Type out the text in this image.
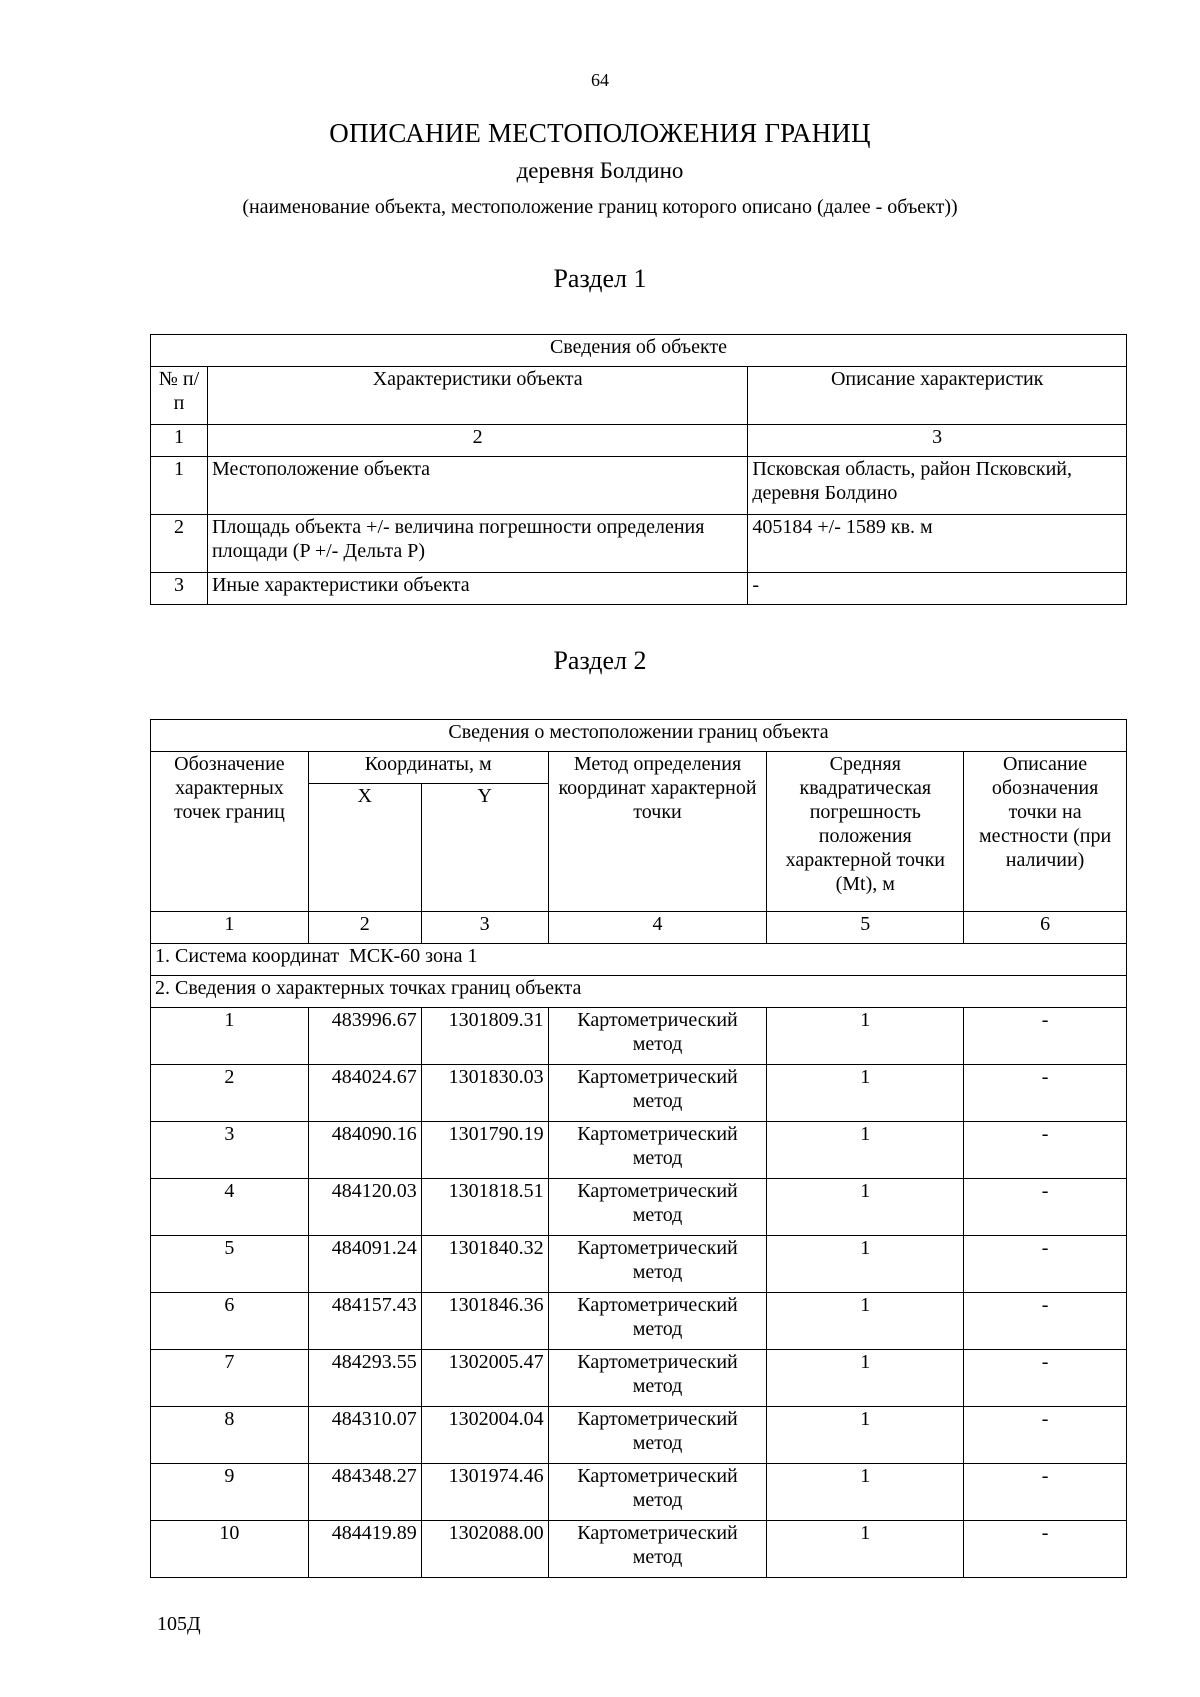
64
ОПИСАНИЕ МЕСТОПОЛОЖЕНИЯ ГРАНИЦ
деревня Болдино
(наименование объекта, местоположение границ которого описано (далее - объект))
Раздел 1
Сведения об объекте		
№ п/п	Характеристики объекта	Описание характеристик
1	2	3
1	Местоположение объекта	Псковская область, район Псковский, деревня Болдино
2	Площадь объекта +/- величина погрешности определения площади (P +/- Дельта P)	405184 +/- 1589 кв. м
3	Иные характеристики объекта	-
Раздел 2
Сведения о местоположении границ объекта					
Обозначение характерных точек границ	Координаты, м		Метод определения координат характерной точки	Средняя квадратическая погрешность положения характерной точки (Mt), м	Описание обозначения точки на местности (при наличии)
	X	Y			
1	2	3	4	5	6
1. Система координат  МСК-60 зона 1					
2. Сведения о характерных точках границ объекта					
1	483996.67	1301809.31	Картометрический метод	1	-
2	484024.67	1301830.03	Картометрический метод	1	-
3	484090.16	1301790.19	Картометрический метод	1	-
4	484120.03	1301818.51	Картометрический метод	1	-
5	484091.24	1301840.32	Картометрический метод	1	-
6	484157.43	1301846.36	Картометрический метод	1	-
7	484293.55	1302005.47	Картометрический метод	1	-
8	484310.07	1302004.04	Картометрический метод	1	-
9	484348.27	1301974.46	Картометрический метод	1	-
10	484419.89	1302088.00	Картометрический метод	1	-
105Д
